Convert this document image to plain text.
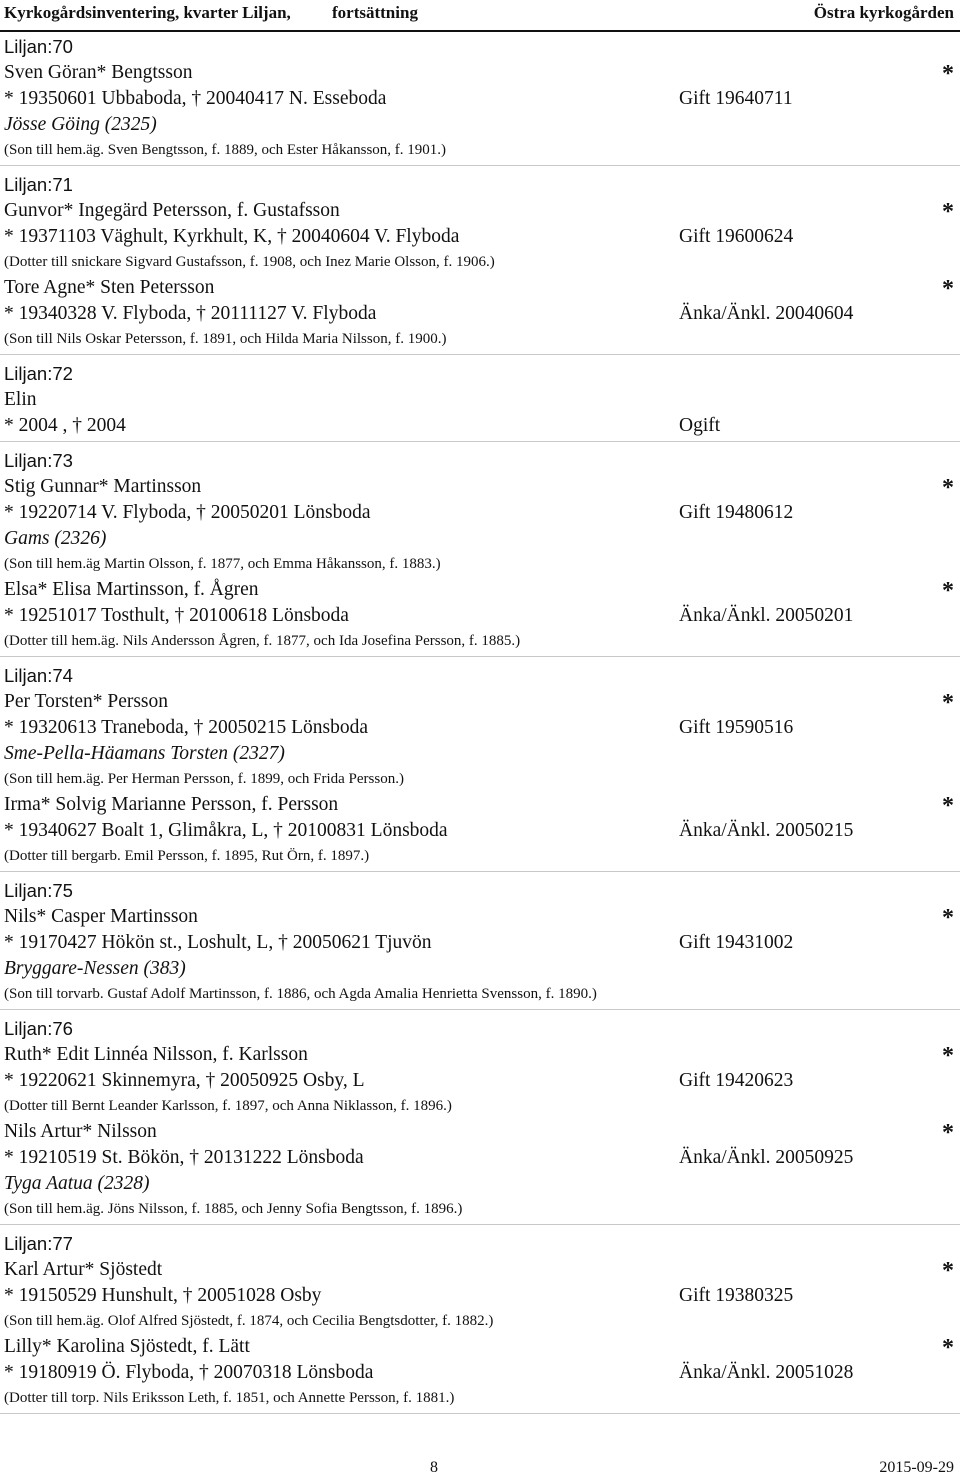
Kyrkogårdsinventering, kvarter Liljan, fortsättning	Östra kyrkogården
Liljan:70
Sven Göran* Bengtsson	*
* 19350601 Ubbaboda, † 20040417 N. Esseboda	Gift 19640711
Jösse Göing (2325)
(Son till hem.äg. Sven Bengtsson, f. 1889, och Ester Håkansson, f. 1901.)
Liljan:71
Gunvor* Ingegärd Petersson, f. Gustafsson	*
* 19371103 Väghult, Kyrkhult, K, † 20040604 V. Flyboda	Gift 19600624
(Dotter till snickare Sigvard Gustafsson, f. 1908, och Inez Marie Olsson, f. 1906.)
Tore Agne* Sten Petersson	*
* 19340328 V. Flyboda, † 20111127 V. Flyboda	Änka/Änkl. 20040604
(Son till Nils Oskar Petersson, f. 1891, och Hilda Maria Nilsson, f. 1900.)
Liljan:72
Elin
* 2004 , † 2004	Ogift
Liljan:73
Stig Gunnar* Martinsson	*
* 19220714 V. Flyboda, † 20050201 Lönsboda	Gift 19480612
Gams (2326)
(Son till hem.äg Martin Olsson, f. 1877, och Emma Håkansson, f. 1883.)
Elsa* Elisa Martinsson, f. Ågren	*
* 19251017 Tosthult, † 20100618 Lönsboda	Änka/Änkl. 20050201
(Dotter till hem.äg. Nils Andersson Ågren, f. 1877, och Ida Josefina Persson, f. 1885.)
Liljan:74
Per Torsten* Persson	*
* 19320613 Traneboda, † 20050215 Lönsboda	Gift 19590516
Sme-Pella-Häamans Torsten (2327)
(Son till hem.äg. Per Herman Persson, f. 1899, och Frida Persson.)
Irma* Solvig Marianne Persson, f. Persson	*
* 19340627 Boalt 1, Glimåkra, L, † 20100831 Lönsboda	Änka/Änkl. 20050215
(Dotter till bergarb. Emil Persson, f. 1895, Rut Örn, f. 1897.)
Liljan:75
Nils* Casper Martinsson	*
* 19170427 Hökön st., Loshult, L, † 20050621 Tjuvön	Gift 19431002
Bryggare-Nessen (383)
(Son till torvarb. Gustaf Adolf Martinsson, f. 1886, och Agda Amalia Henrietta Svensson, f. 1890.)
Liljan:76
Ruth* Edit Linnéa Nilsson, f. Karlsson	*
* 19220621 Skinnemyra, † 20050925 Osby, L	Gift 19420623
(Dotter till Bernt Leander Karlsson, f. 1897, och Anna Niklasson, f. 1896.)
Nils Artur* Nilsson	*
* 19210519 St. Bökön, † 20131222 Lönsboda	Änka/Änkl. 20050925
Tyga Aatua (2328)
(Son till hem.äg. Jöns Nilsson, f. 1885, och Jenny Sofia Bengtsson, f. 1896.)
Liljan:77
Karl Artur* Sjöstedt	*
* 19150529 Hunshult, † 20051028 Osby	Gift 19380325
(Son till hem.äg. Olof Alfred Sjöstedt, f. 1874, och Cecilia Bengtsdotter, f. 1882.)
Lilly* Karolina Sjöstedt, f. Lätt	*
* 19180919 Ö. Flyboda, † 20070318 Lönsboda	Änka/Änkl. 20051028
(Dotter till torp. Nils Eriksson Leth, f. 1851, och Annette Persson, f. 1881.)
8	2015-09-29
